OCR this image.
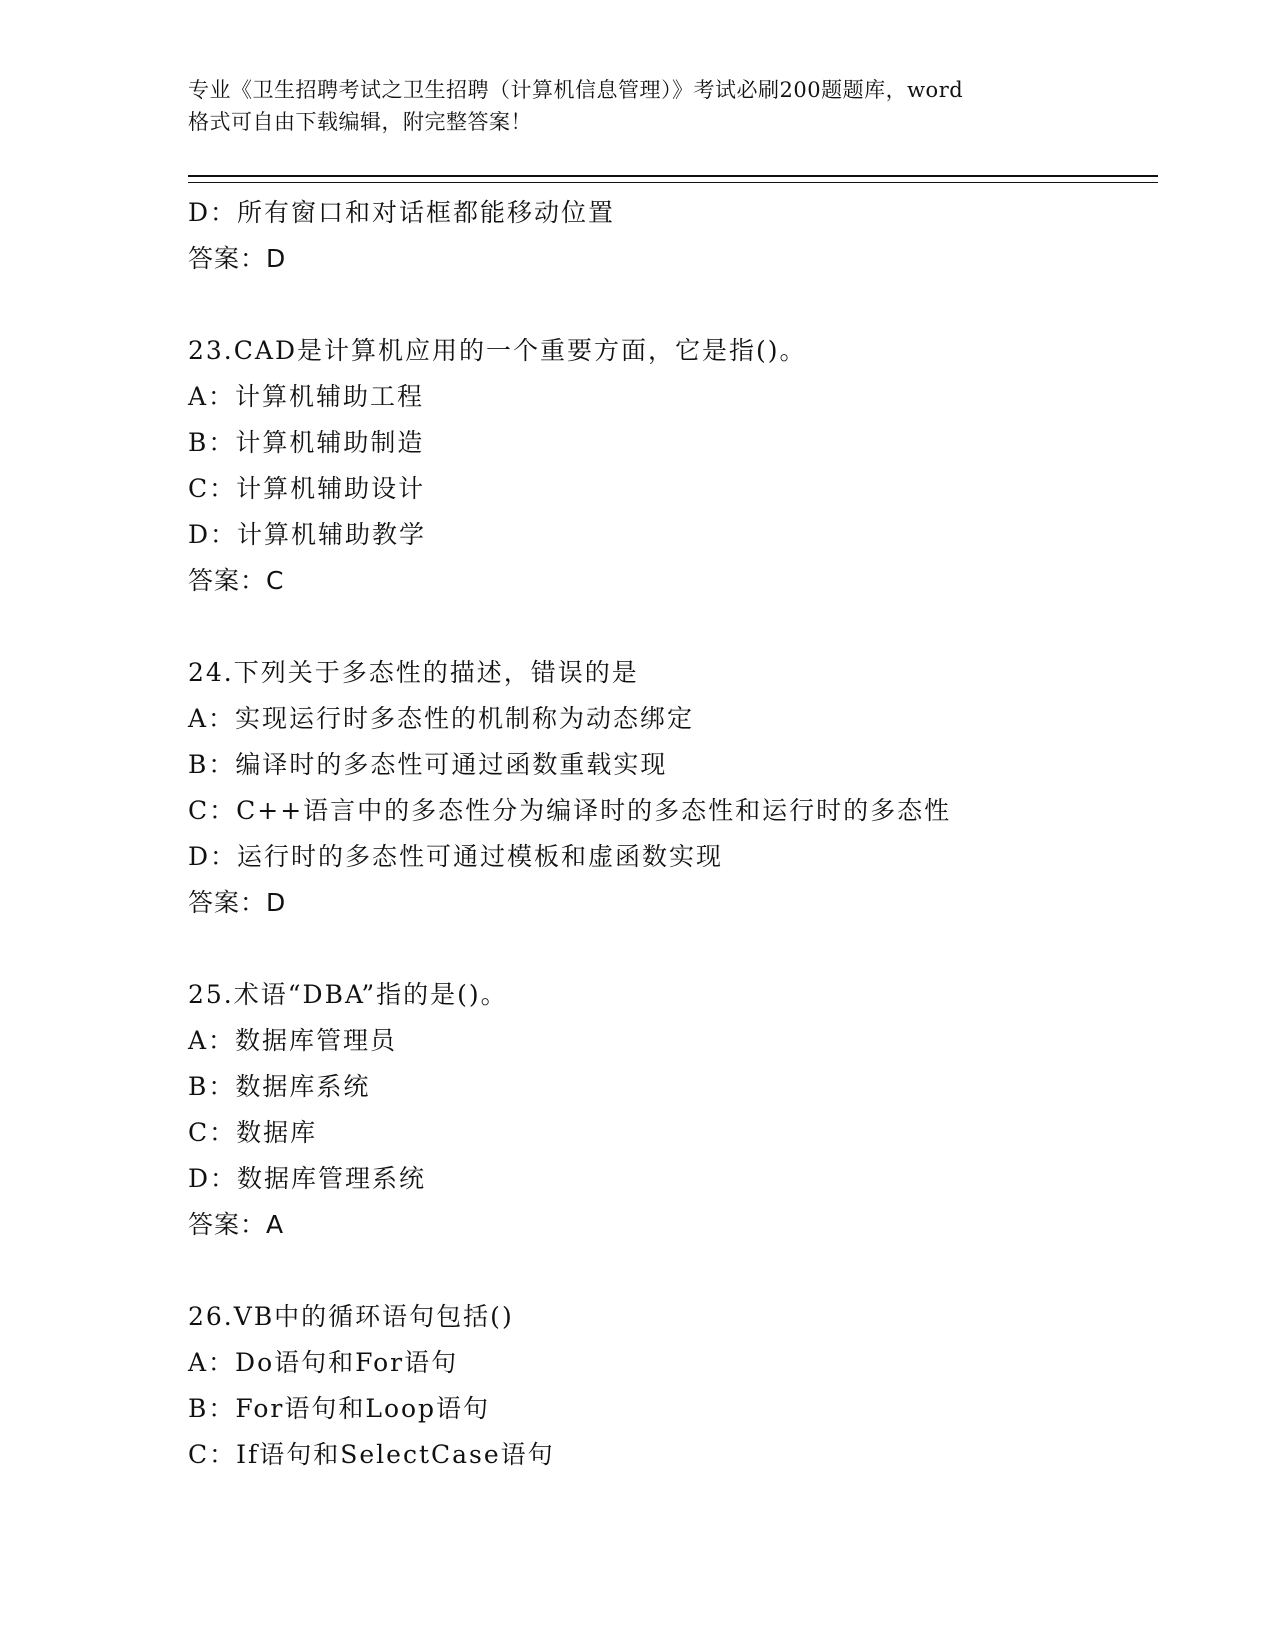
专业《卫生招聘考试之卫生招聘（计算机信息管理）》考试必刷200题题库，word
格式可自由下载编辑，附完整答案！
D：所有窗口和对话框都能移动位置
答案：D
23.CAD是计算机应用的一个重要方面，它是指()。
A：计算机辅助工程
B：计算机辅助制造
C：计算机辅助设计
D：计算机辅助教学
答案：C
24.下列关于多态性的描述，错误的是
A：实现运行时多态性的机制称为动态绑定
B：编译时的多态性可通过函数重载实现
C：C++语言中的多态性分为编译时的多态性和运行时的多态性
D：运行时的多态性可通过模板和虚函数实现
答案：D
25.术语“DBA”指的是()。
A：数据库管理员
B：数据库系统
C：数据库
D：数据库管理系统
答案：A
26.VB中的循环语句包括()
A：Do语句和For语句
B：For语句和Loop语句
C：If语句和SelectCase语句
